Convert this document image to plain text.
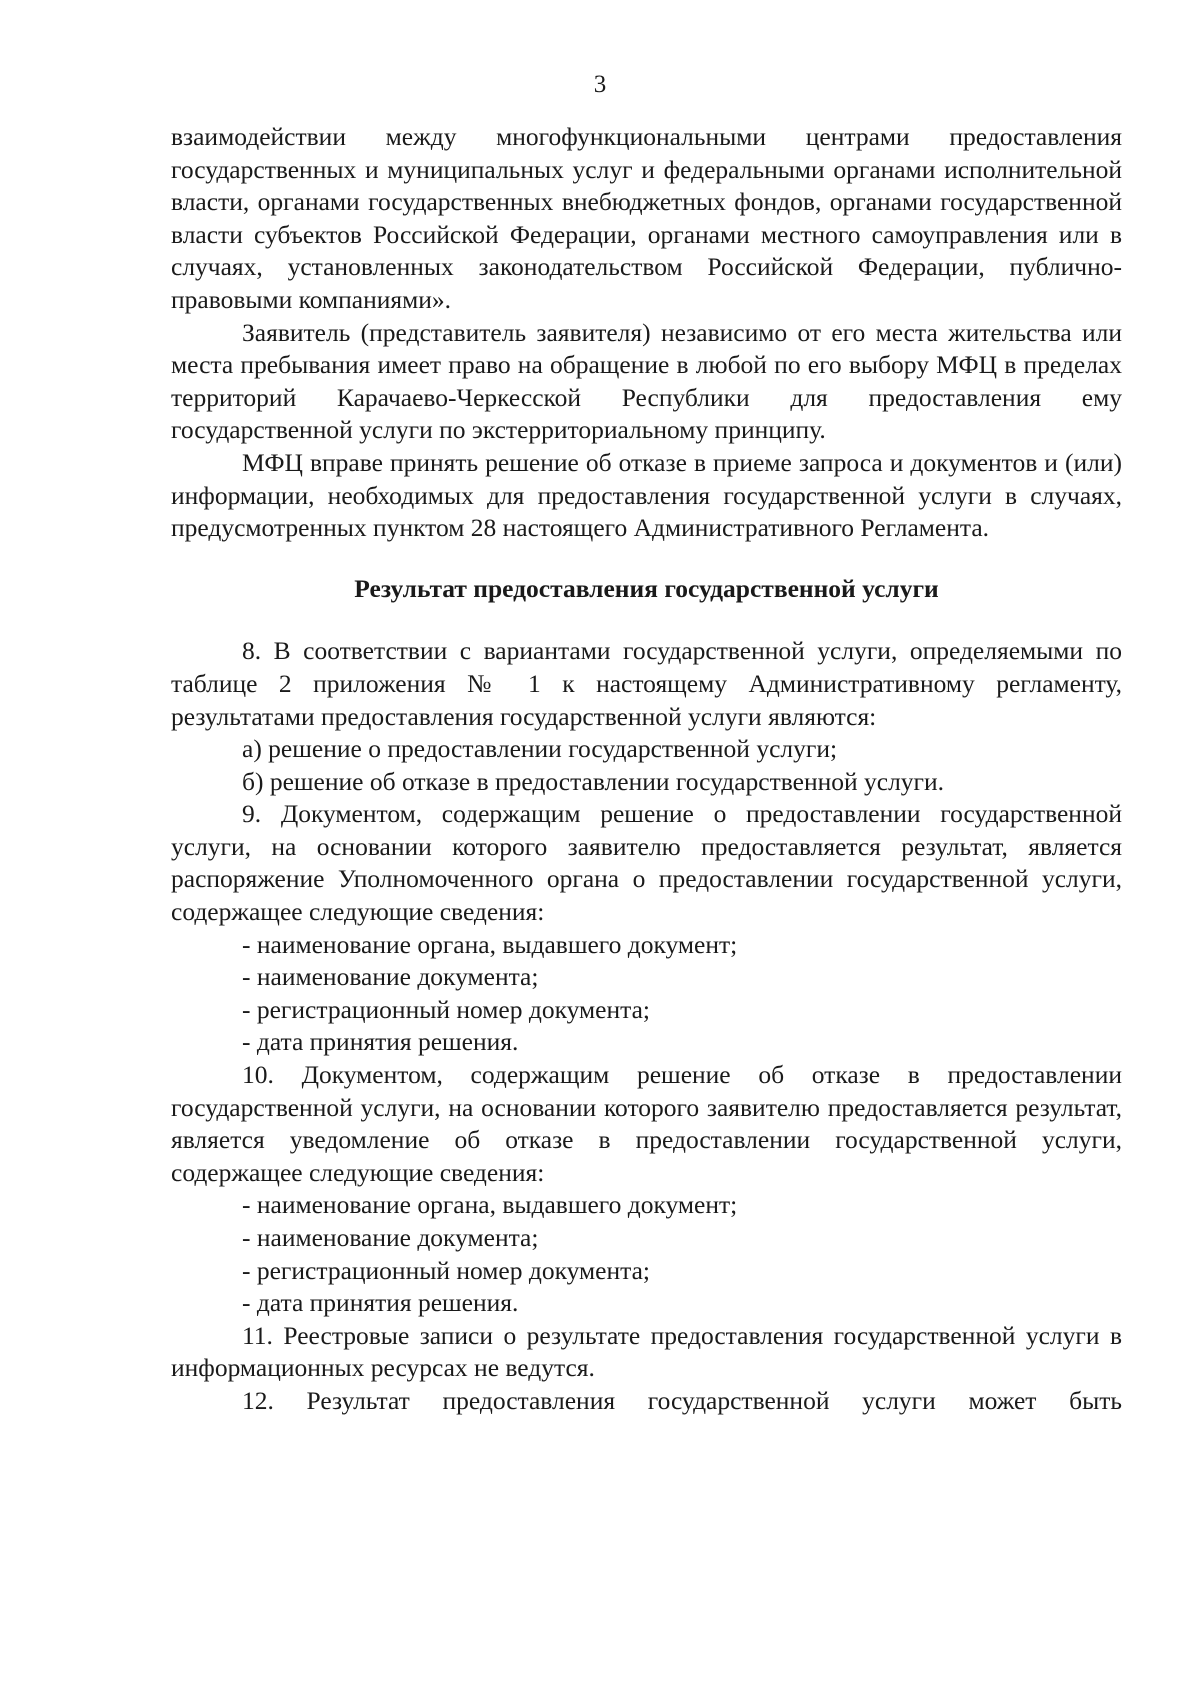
3

взаимодействии между многофункциональными центрами предоставления государственных и муниципальных услуг и федеральными органами исполнительной власти, органами государственных внебюджетных фондов, органами государственной власти субъектов Российской Федерации, органами местного самоуправления или в случаях, установленных законодательством Российской Федерации, публично-правовыми компаниями».

Заявитель (представитель заявителя) независимо от его места жительства или места пребывания имеет право на обращение в любой по его выбору МФЦ в пределах территорий Карачаево-Черкесской Республики для предоставления ему государственной услуги по экстерриториальному принципу.

МФЦ вправе принять решение об отказе в приеме запроса и документов и (или) информации, необходимых для предоставления государственной услуги в случаях, предусмотренных пунктом 28 настоящего Административного Регламента.

Результат предоставления государственной услуги

8. В соответствии с вариантами государственной услуги, определяемыми по таблице 2 приложения № 1 к настоящему Административному регламенту, результатами предоставления государственной услуги являются:

а) решение о предоставлении государственной услуги;

б) решение об отказе в предоставлении государственной услуги.

9. Документом, содержащим решение о предоставлении государственной услуги, на основании которого заявителю предоставляется результат, является распоряжение Уполномоченного органа о предоставлении государственной услуги, содержащее следующие сведения:

- наименование органа, выдавшего документ;

- наименование документа;

- регистрационный номер документа;

- дата принятия решения.

10. Документом, содержащим решение об отказе в предоставлении государственной услуги, на основании которого заявителю предоставляется результат, является уведомление об отказе в предоставлении государственной услуги, содержащее следующие сведения:

- наименование органа, выдавшего документ;

- наименование документа;

- регистрационный номер документа;

- дата принятия решения.

11. Реестровые записи о результате предоставления государственной услуги в информационных ресурсах не ведутся.

12. Результат предоставления государственной услуги может быть
